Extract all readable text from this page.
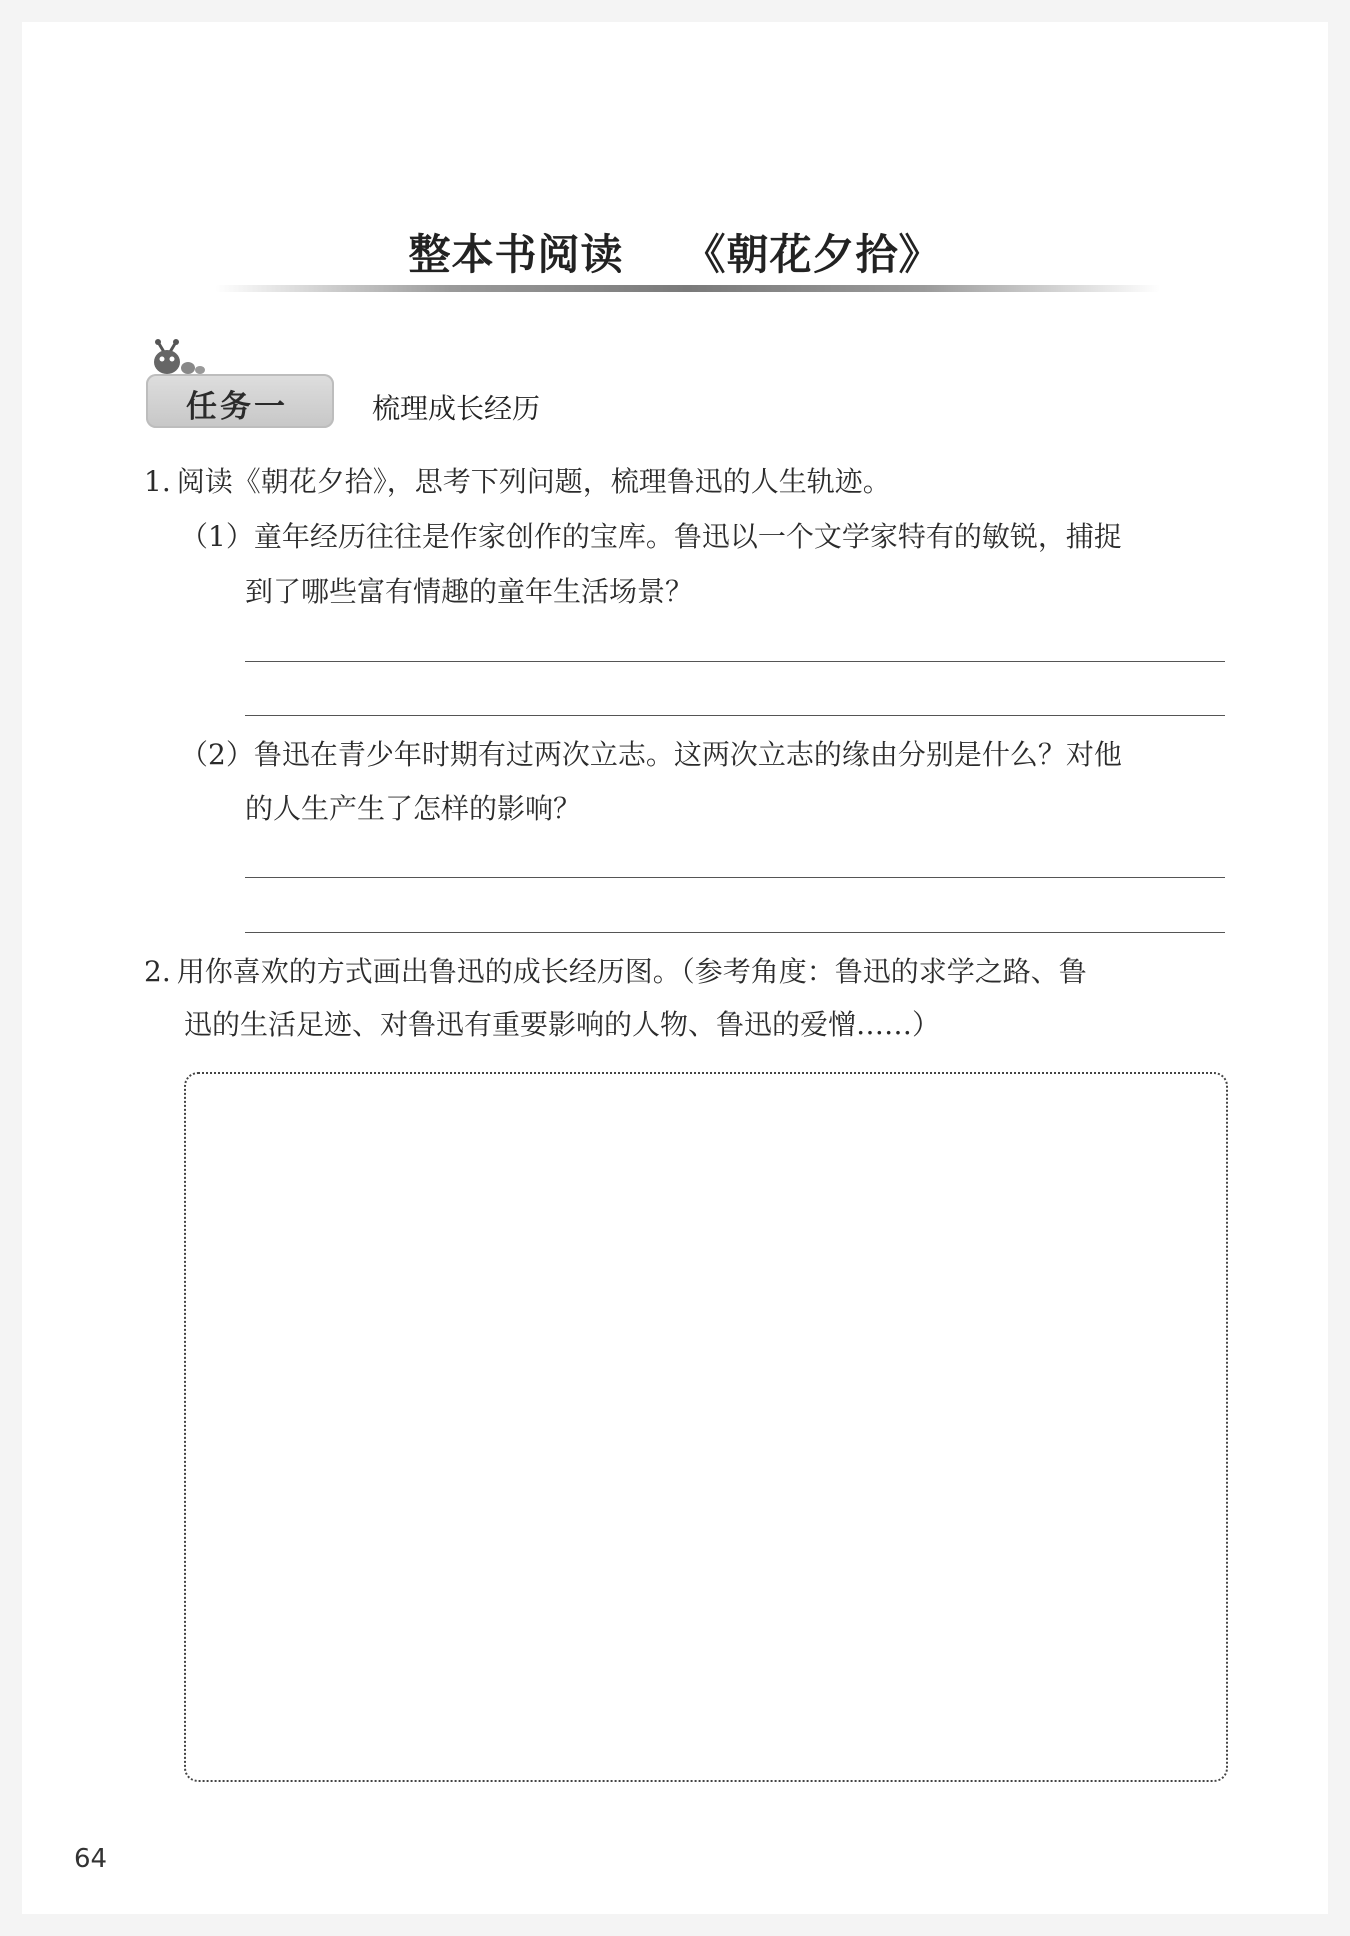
整本书阅读 《朝花夕拾》
任务一	梳理成长经历
1. 阅读《朝花夕拾》，思考下列问题，梳理鲁迅的人生轨迹。
（1）童年经历往往是作家创作的宝库。鲁迅以一个文学家特有的敏锐，捕捉
到了哪些富有情趣的童年生活场景？
（2）鲁迅在青少年时期有过两次立志。这两次立志的缘由分别是什么？对他
的人生产生了怎样的影响？
2. 用你喜欢的方式画出鲁迅的成长经历图。（参考角度：鲁迅的求学之路、鲁
迅的生活足迹、对鲁迅有重要影响的人物、鲁迅的爱憎……）
64
